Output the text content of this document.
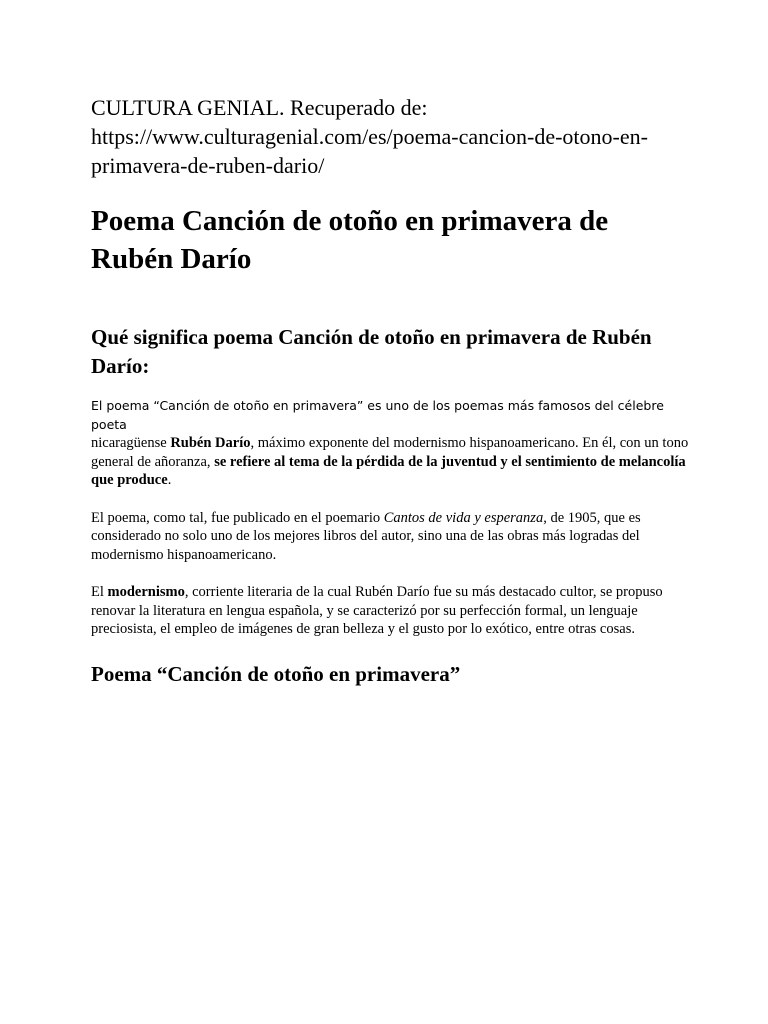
CULTURA GENIAL. Recuperado de:
https://www.culturagenial.com/es/poema-cancion-de-otono-en-
primavera-de-ruben-dario/

Poema Canción de otoño en primavera de Rubén Darío
Qué significa poema Canción de otoño en primavera de Rubén Darío:

El poema “Canción de otoño en primavera” es uno de los poemas más famosos del célebre poeta
nicaragüense Rubén Darío, máximo exponente del modernismo hispanoamericano. En él, con un tono general de añoranza, se refiere al tema de la pérdida de la juventud y el sentimiento de melancolía que produce.

El poema, como tal, fue publicado en el poemario Cantos de vida y esperanza, de 1905, que es considerado no solo uno de los mejores libros del autor, sino una de las obras más logradas del modernismo hispanoamericano.

El modernismo, corriente literaria de la cual Rubén Darío fue su más destacado cultor, se propuso renovar la literatura en lengua española, y se caracterizó por su perfección formal, un lenguaje preciosista, el empleo de imágenes de gran belleza y el gusto por lo exótico, entre otras cosas.

Poema “Canción de otoño en primavera”
